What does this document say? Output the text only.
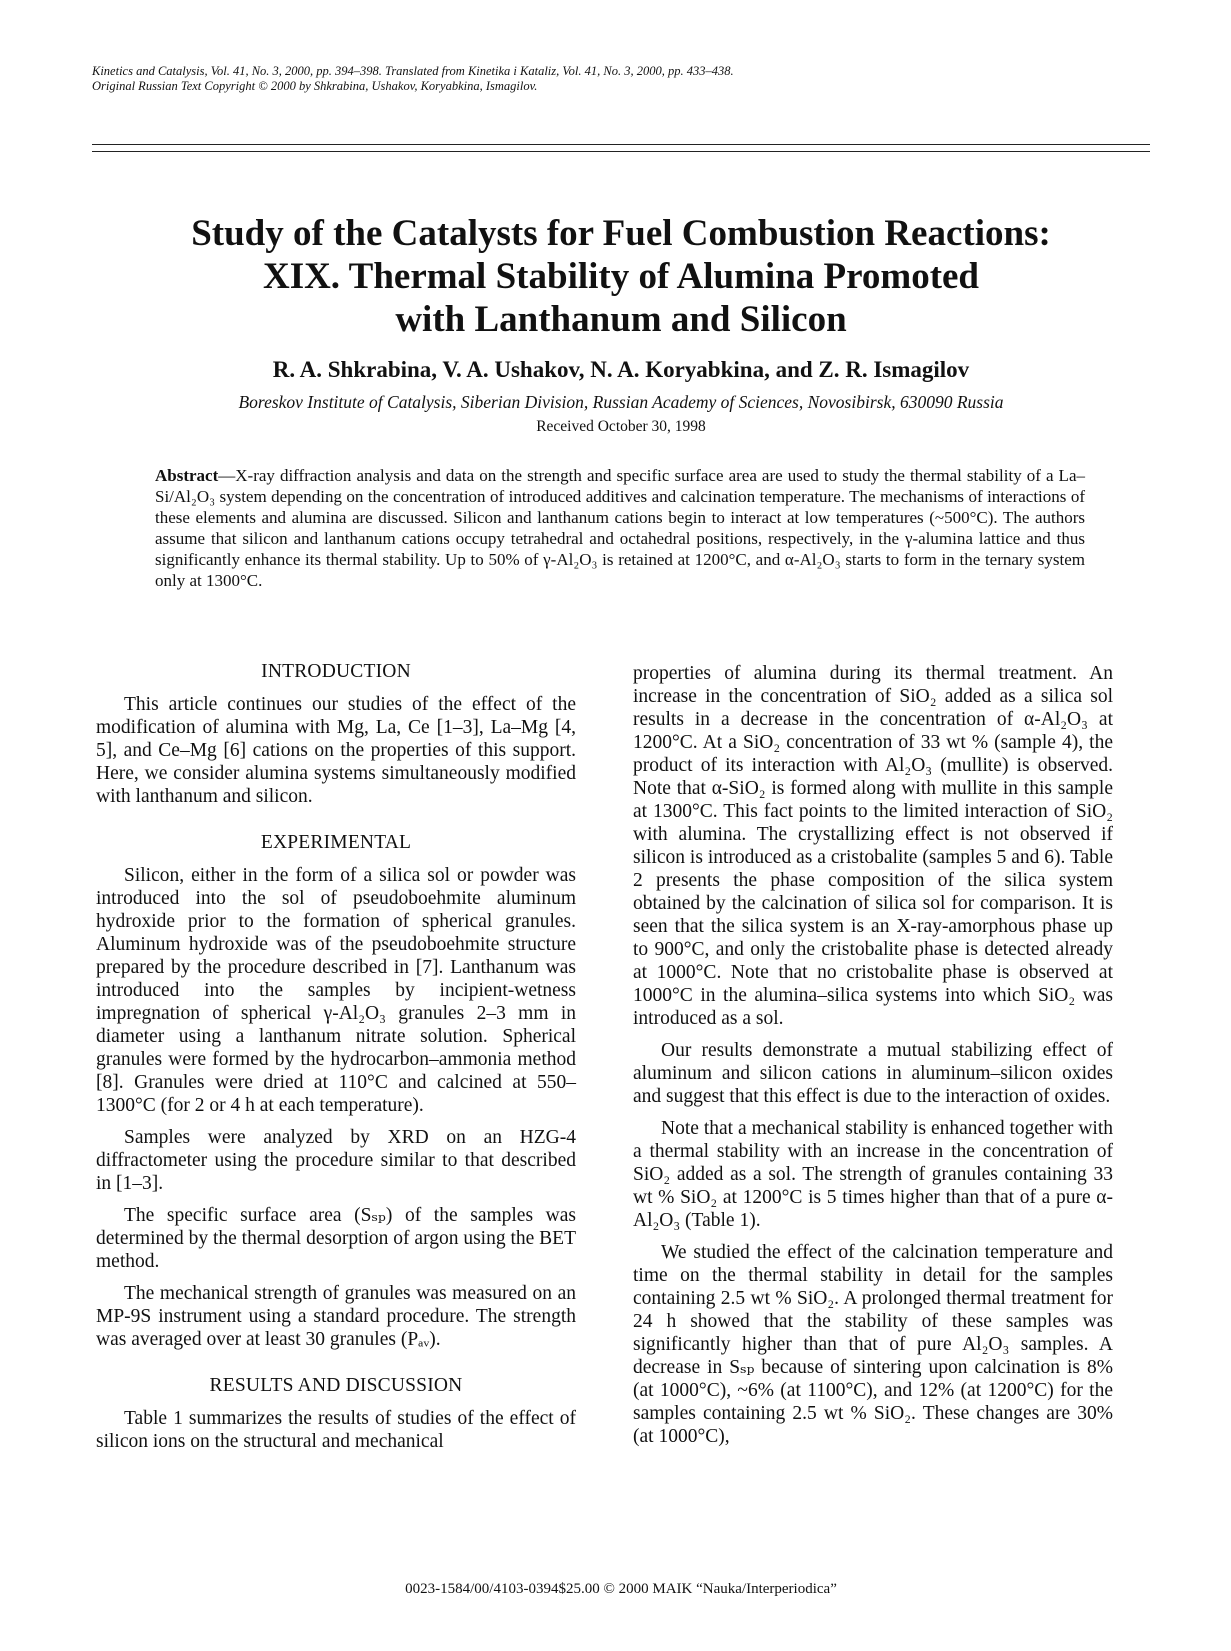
Kinetics and Catalysis, Vol. 41, No. 3, 2000, pp. 394–398. Translated from Kinetika i Kataliz, Vol. 41, No. 3, 2000, pp. 433–438.
Original Russian Text Copyright © 2000 by Shkrabina, Ushakov, Koryabkina, Ismagilov.
Study of the Catalysts for Fuel Combustion Reactions:
XIX. Thermal Stability of Alumina Promoted
with Lanthanum and Silicon

R. A. Shkrabina, V. A. Ushakov, N. A. Koryabkina, and Z. R. Ismagilov

Boreskov Institute of Catalysis, Siberian Division, Russian Academy of Sciences, Novosibirsk, 630090 Russia

Received October 30, 1998

Abstract—X-ray diffraction analysis and data on the strength and specific surface area are used to study the thermal stability of a La–Si/Al₂O₃ system depending on the concentration of introduced additives and calcination temperature. The mechanisms of interactions of these elements and alumina are discussed. Silicon and lanthanum cations begin to interact at low temperatures (~500°C). The authors assume that silicon and lanthanum cations occupy tetrahedral and octahedral positions, respectively, in the γ-alumina lattice and thus significantly enhance its thermal stability. Up to 50% of γ-Al₂O₃ is retained at 1200°C, and α-Al₂O₃ starts to form in the ternary system only at 1300°C.

INTRODUCTION

This article continues our studies of the effect of the modification of alumina with Mg, La, Ce [1–3], La–Mg [4, 5], and Ce–Mg [6] cations on the properties of this support. Here, we consider alumina systems simultaneously modified with lanthanum and silicon.

EXPERIMENTAL

Silicon, either in the form of a silica sol or powder was introduced into the sol of pseudoboehmite aluminum hydroxide prior to the formation of spherical granules. Aluminum hydroxide was of the pseudoboehmite structure prepared by the procedure described in [7]. Lanthanum was introduced into the samples by incipient-wetness impregnation of spherical γ-Al₂O₃ granules 2–3 mm in diameter using a lanthanum nitrate solution. Spherical granules were formed by the hydrocarbon–ammonia method [8]. Granules were dried at 110°C and calcined at 550–1300°C (for 2 or 4 h at each temperature).

Samples were analyzed by XRD on an HZG-4 diffractometer using the procedure similar to that described in [1–3].

The specific surface area (Sₛₚ) of the samples was determined by the thermal desorption of argon using the BET method.

The mechanical strength of granules was measured on an MP-9S instrument using a standard procedure. The strength was averaged over at least 30 granules (Pₐᵥ).

RESULTS AND DISCUSSION

Table 1 summarizes the results of studies of the effect of silicon ions on the structural and mechanical

properties of alumina during its thermal treatment. An increase in the concentration of SiO₂ added as a silica sol results in a decrease in the concentration of α-Al₂O₃ at 1200°C. At a SiO₂ concentration of 33 wt % (sample 4), the product of its interaction with Al₂O₃ (mullite) is observed. Note that α-SiO₂ is formed along with mullite in this sample at 1300°C. This fact points to the limited interaction of SiO₂ with alumina. The crystallizing effect is not observed if silicon is introduced as a cristobalite (samples 5 and 6). Table 2 presents the phase composition of the silica system obtained by the calcination of silica sol for comparison. It is seen that the silica system is an X-ray-amorphous phase up to 900°C, and only the cristobalite phase is detected already at 1000°C. Note that no cristobalite phase is observed at 1000°C in the alumina–silica systems into which SiO₂ was introduced as a sol.

Our results demonstrate a mutual stabilizing effect of aluminum and silicon cations in aluminum–silicon oxides and suggest that this effect is due to the interaction of oxides.

Note that a mechanical stability is enhanced together with a thermal stability with an increase in the concentration of SiO₂ added as a sol. The strength of granules containing 33 wt % SiO₂ at 1200°C is 5 times higher than that of a pure α-Al₂O₃ (Table 1).

We studied the effect of the calcination temperature and time on the thermal stability in detail for the samples containing 2.5 wt % SiO₂. A prolonged thermal treatment for 24 h showed that the stability of these samples was significantly higher than that of pure Al₂O₃ samples. A decrease in Sₛₚ because of sintering upon calcination is 8% (at 1000°C), ~6% (at 1100°C), and 12% (at 1200°C) for the samples containing 2.5 wt % SiO₂. These changes are 30% (at 1000°C),

0023-1584/00/4103-0394$25.00 © 2000 MAIK “Nauka/Interperiodica”
